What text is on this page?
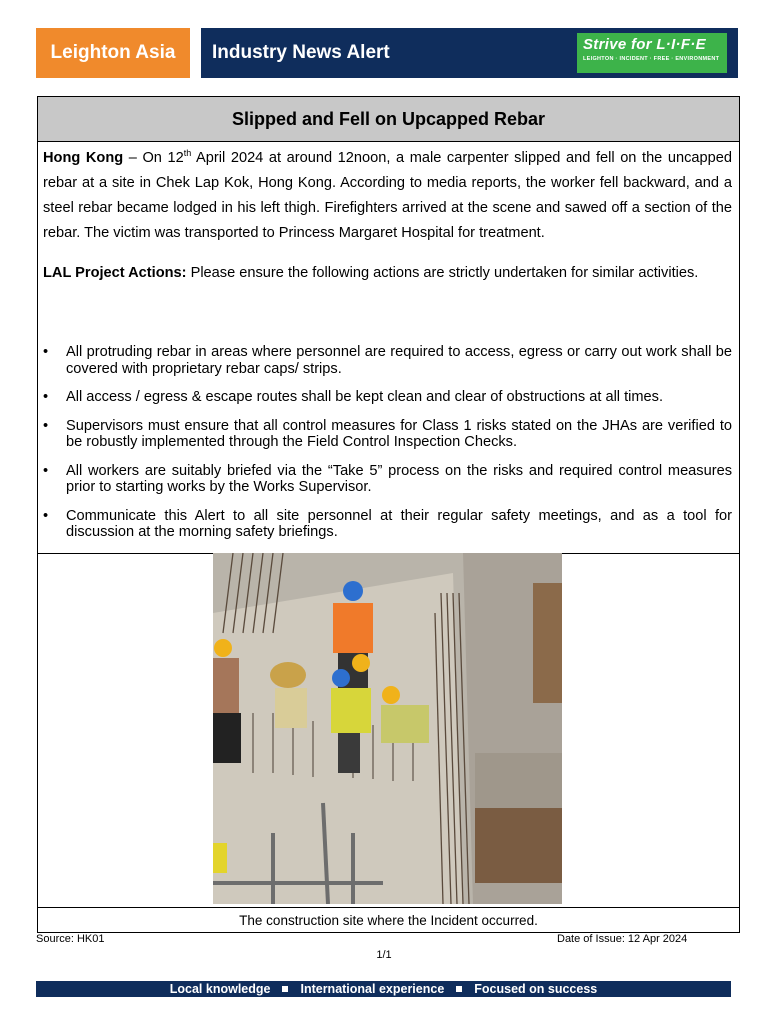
Leighton Asia Industry News Alert	Strive for L·I·F·E
LEIGHTON · INCIDENT · FREE · ENVIRONMENT
Slipped and Fell on Upcapped Rebar

Hong Kong – On 12th April 2024 at around 12noon, a male carpenter slipped and fell on the uncapped rebar at a site in Chek Lap Kok, Hong Kong. According to media reports, the worker fell backward, and a steel rebar became lodged in his left thigh. Firefighters arrived at the scene and sawed off a section of the rebar. The victim was transported to Princess Margaret Hospital for treatment.

LAL Project Actions: Please ensure the following actions are strictly undertaken for similar activities.

• All protruding rebar in areas where personnel are required to access, egress or carry out work shall be covered with proprietary rebar caps/ strips.
• All access / egress & escape routes shall be kept clean and clear of obstructions at all times.
• Supervisors must ensure that all control measures for Class 1 risks stated on the JHAs are verified to be robustly implemented through the Field Control Inspection Checks.
• All workers are suitably briefed via the “Take 5” process on the risks and required control measures prior to starting works by the Works Supervisor.
• Communicate this Alert to all site personnel at their regular safety meetings, and as a tool for discussion at the morning safety briefings.
The construction site where the Incident occurred.
Source: HK01	Date of Issue: 12 Apr 2024
1/1
Local knowledge International experience Focused on success
